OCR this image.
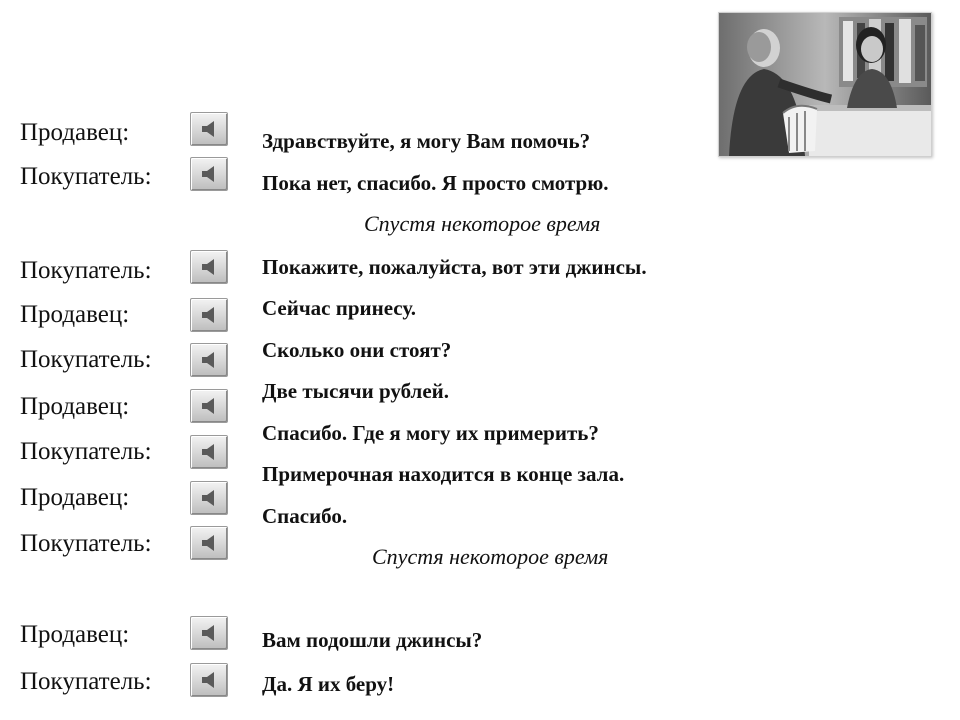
Продавец:
Покупатель:
Покупатель:
Продавец:
Покупатель:
Продавец:
Покупатель:
Продавец:
Покупатель:
Продавец:
Покупатель:
Здравствуйте, я могу Вам помочь?
Пока нет, спасибо. Я просто смотрю.
Спустя некоторое время
Покажите, пожалуйста, вот эти джинсы.
Сейчас принесу.
Сколько они стоят?
Две тысячи рублей.
Спасибо. Где я могу их примерить?
Примерочная находится в конце зала.
Спасибо.
Спустя некоторое время
Вам подошли джинсы?
Да. Я их беру!
